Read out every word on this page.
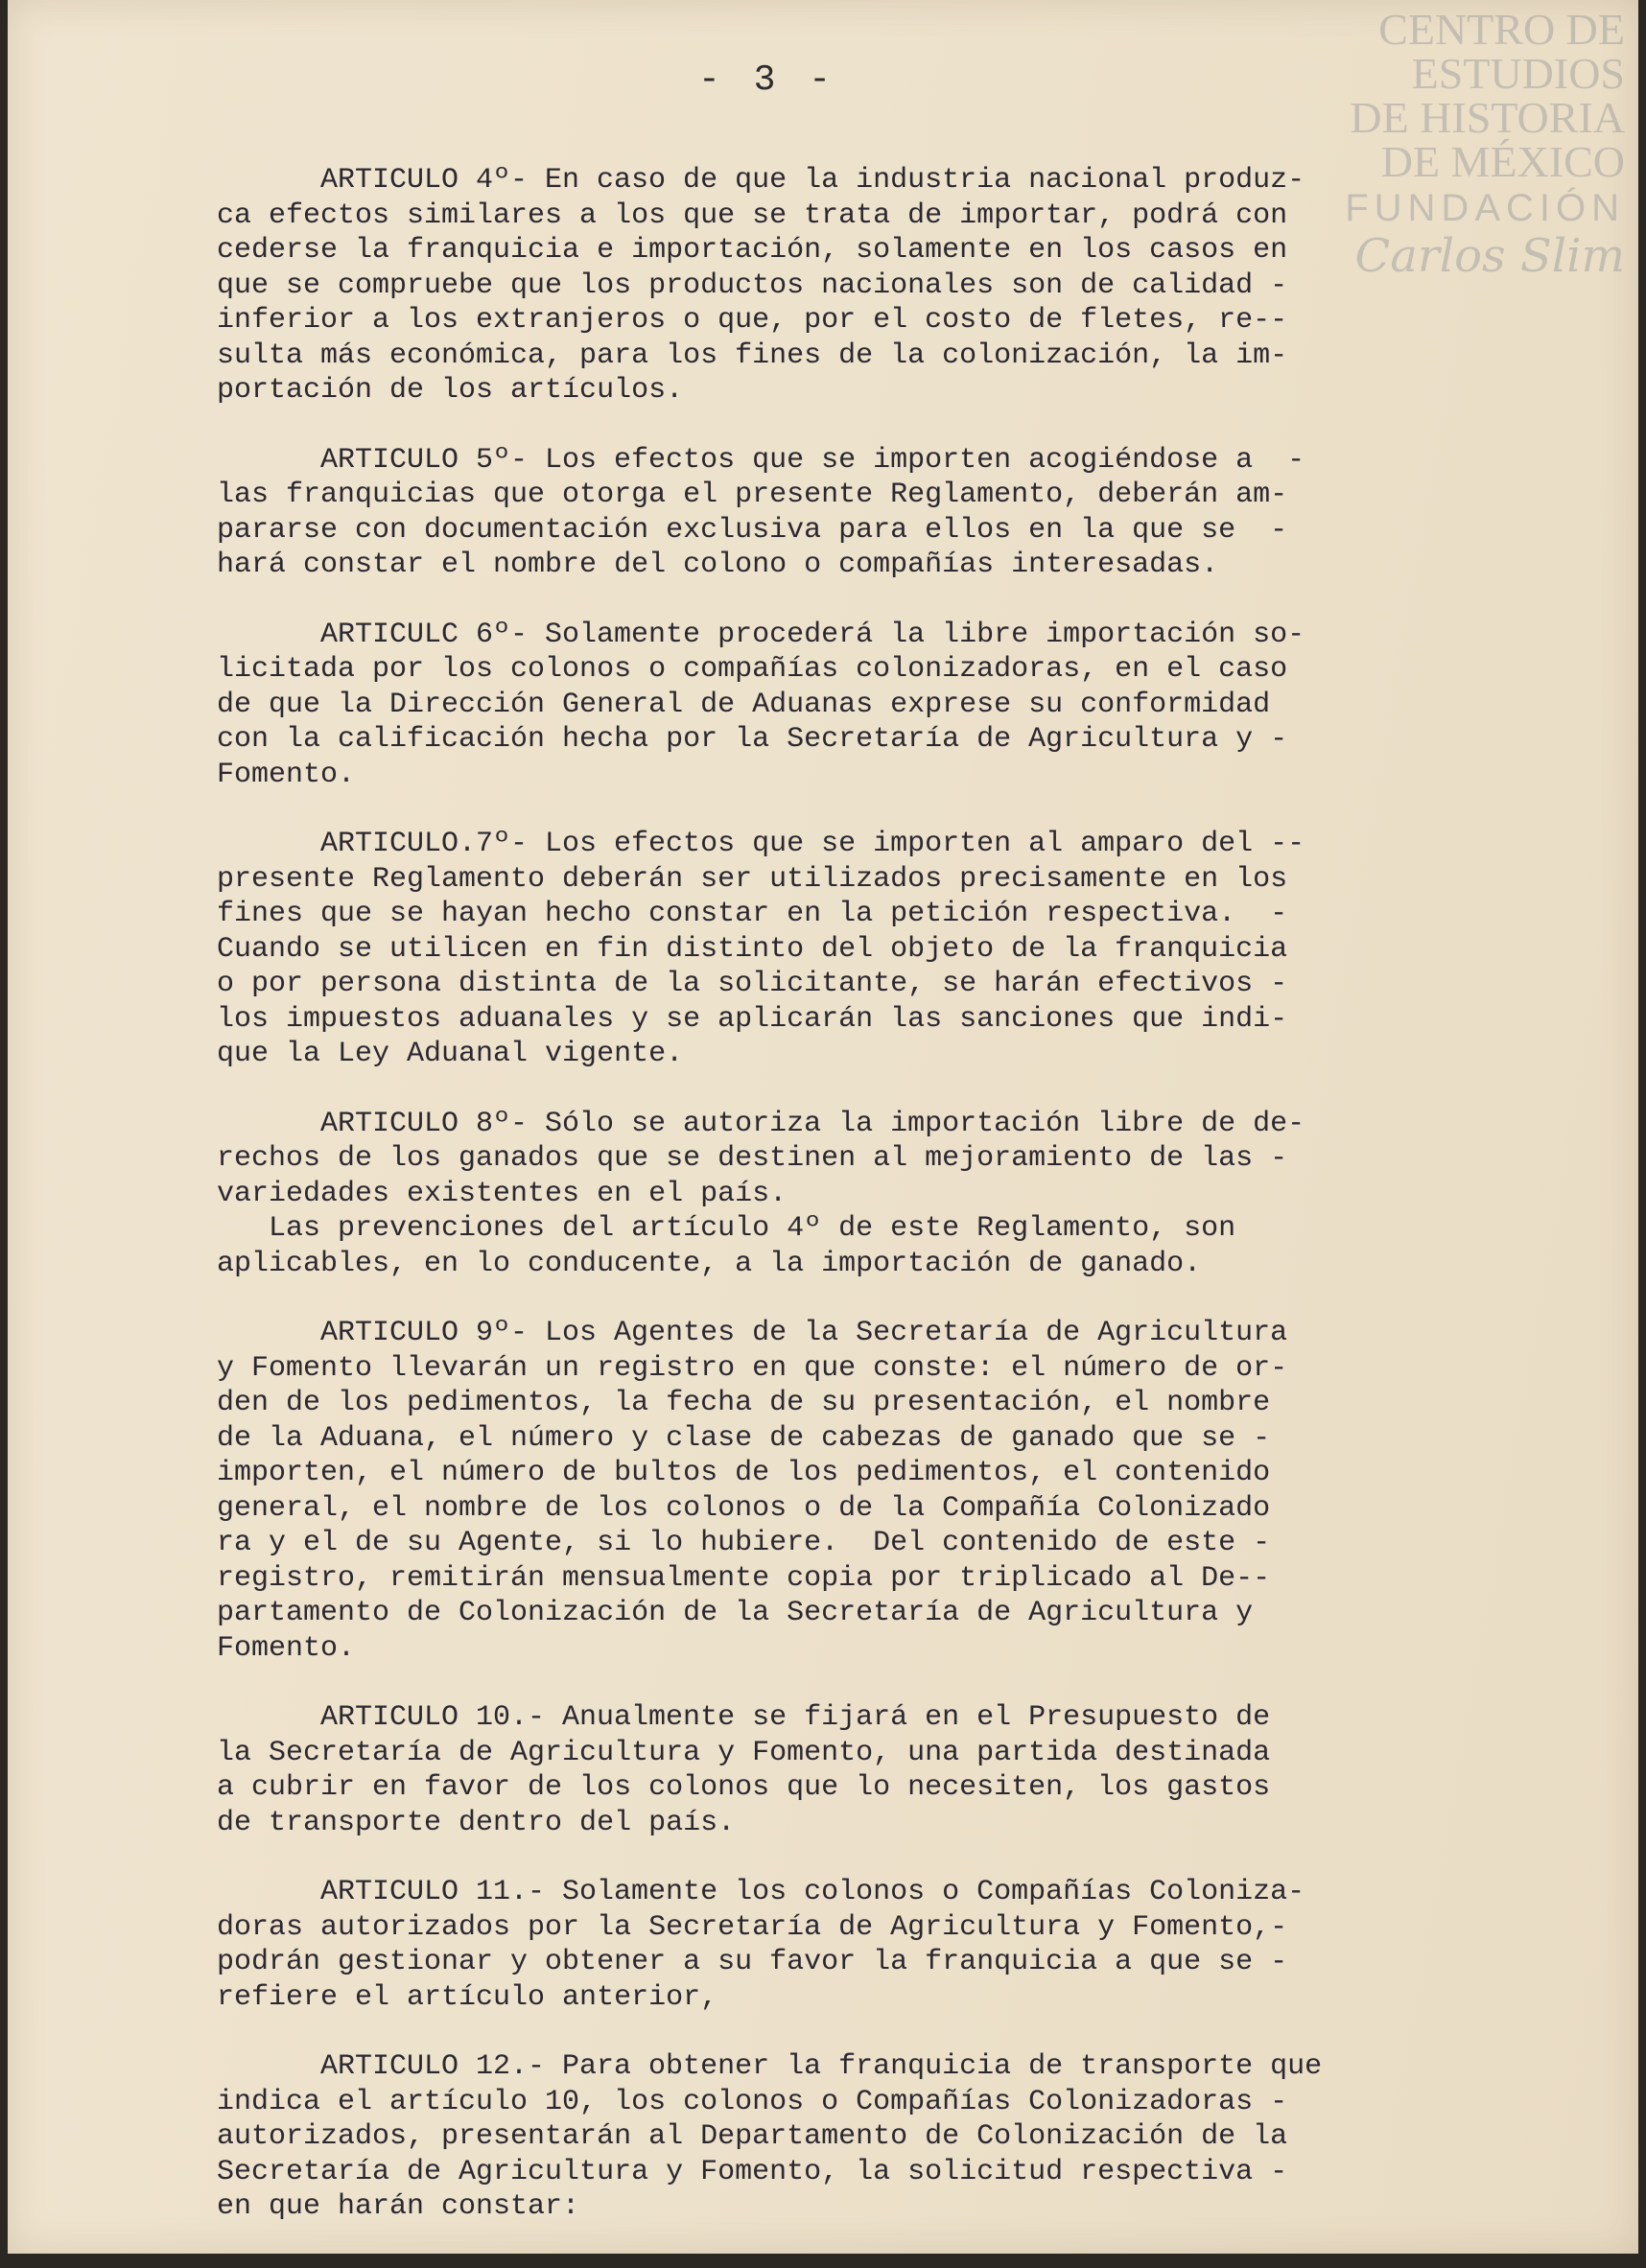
CENTRO DE
ESTUDIOS
DE HISTORIA
DE MÉXICO
FUNDACIÓN
Carlos Slim
- 3 -
ARTICULO 4º- En caso de que la industria nacional produz-
ca efectos similares a los que se trata de importar, podrá con
cederse la franquicia e importación, solamente en los casos en
que se compruebe que los productos nacionales son de calidad -
inferior a los extranjeros o que, por el costo de fletes, re--
sulta más económica, para los fines de la colonización, la im-
portación de los artículos.
ARTICULO 5º- Los efectos que se importen acogiéndose a  -
las franquicias que otorga el presente Reglamento, deberán am-
pararse con documentación exclusiva para ellos en la que se  -
hará constar el nombre del colono o compañías interesadas.
ARTICULC 6º- Solamente procederá la libre importación so-
licitada por los colonos o compañías colonizadoras, en el caso
de que la Dirección General de Aduanas exprese su conformidad
con la calificación hecha por la Secretaría de Agricultura y -
Fomento.
ARTICULO.7º- Los efectos que se importen al amparo del --
presente Reglamento deberán ser utilizados precisamente en los
fines que se hayan hecho constar en la petición respectiva.  -
Cuando se utilicen en fin distinto del objeto de la franquicia
o por persona distinta de la solicitante, se harán efectivos -
los impuestos aduanales y se aplicarán las sanciones que indi-
que la Ley Aduanal vigente.
ARTICULO 8º- Sólo se autoriza la importación libre de de-
rechos de los ganados que se destinen al mejoramiento de las -
variedades existentes en el país.
Las prevenciones del artículo 4º de este Reglamento, son
aplicables, en lo conducente, a la importación de ganado.
ARTICULO 9º- Los Agentes de la Secretaría de Agricultura
y Fomento llevarán un registro en que conste: el número de or-
den de los pedimentos, la fecha de su presentación, el nombre
de la Aduana, el número y clase de cabezas de ganado que se -
importen, el número de bultos de los pedimentos, el contenido
general, el nombre de los colonos o de la Compañía Colonizado
ra y el de su Agente, si lo hubiere.  Del contenido de este -
registro, remitirán mensualmente copia por triplicado al De--
partamento de Colonización de la Secretaría de Agricultura y
Fomento.
ARTICULO 10.- Anualmente se fijará en el Presupuesto de
la Secretaría de Agricultura y Fomento, una partida destinada
a cubrir en favor de los colonos que lo necesiten, los gastos
de transporte dentro del país.
ARTICULO 11.- Solamente los colonos o Compañías Coloniza-
doras autorizados por la Secretaría de Agricultura y Fomento,-
podrán gestionar y obtener a su favor la franquicia a que se -
refiere el artículo anterior,
ARTICULO 12.- Para obtener la franquicia de transporte que
indica el artículo 10, los colonos o Compañías Colonizadoras -
autorizados, presentarán al Departamento de Colonización de la
Secretaría de Agricultura y Fomento, la solicitud respectiva -
en que harán constar:
